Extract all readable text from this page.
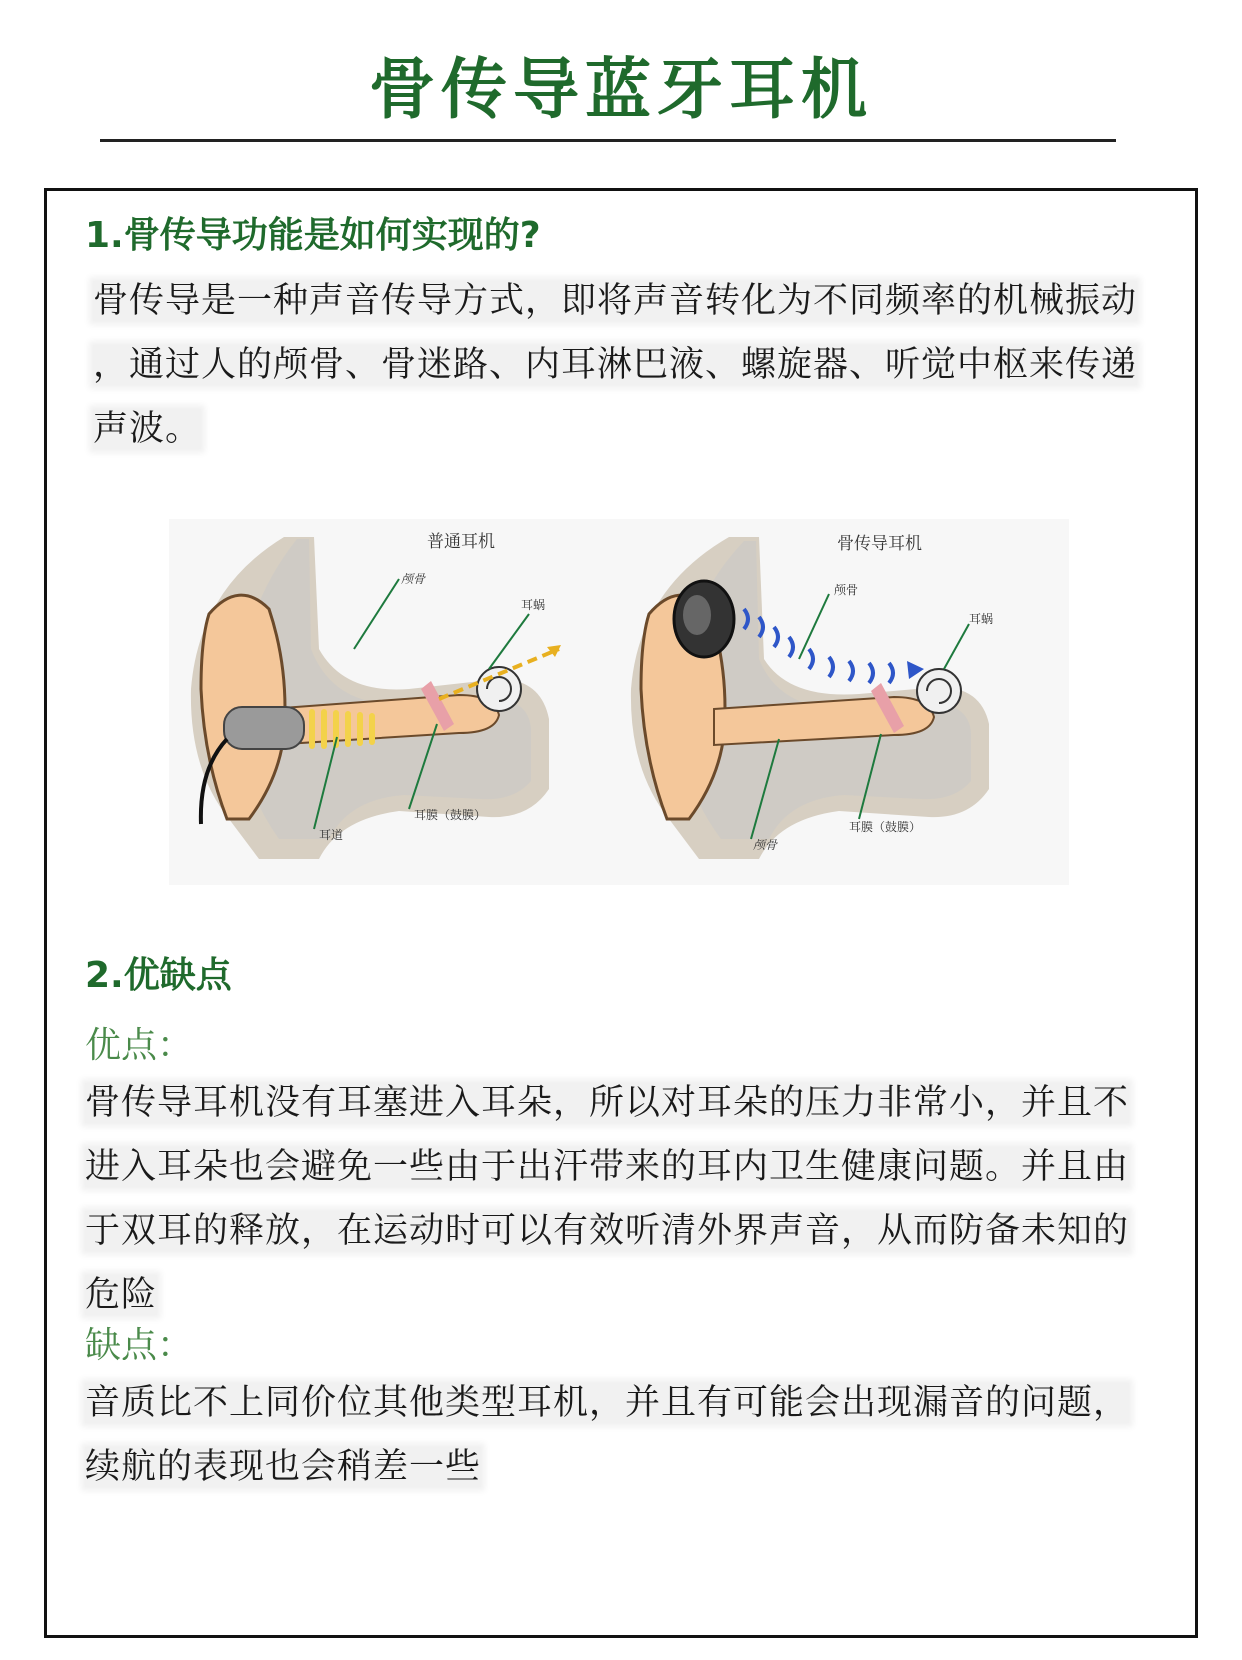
骨传导蓝牙耳机
1.骨传导功能是如何实现的?
骨传导是一种声音传导方式，即将声音转化为不同频率的机械振动
，通过人的颅骨、骨迷路、内耳淋巴液、螺旋器、听觉中枢来传递
声波。
普通耳机
颅骨
耳蜗
耳道
耳膜（鼓膜）
骨传导耳机
颅骨
耳蜗
颅骨
耳膜（鼓膜）
2.优缺点
优点：
骨传导耳机没有耳塞进入耳朵，所以对耳朵的压力非常小，并且不
进入耳朵也会避免一些由于出汗带来的耳内卫生健康问题。并且由
于双耳的释放，在运动时可以有效听清外界声音，从而防备未知的
危险
缺点：
音质比不上同价位其他类型耳机，并且有可能会出现漏音的问题，
续航的表现也会稍差一些
